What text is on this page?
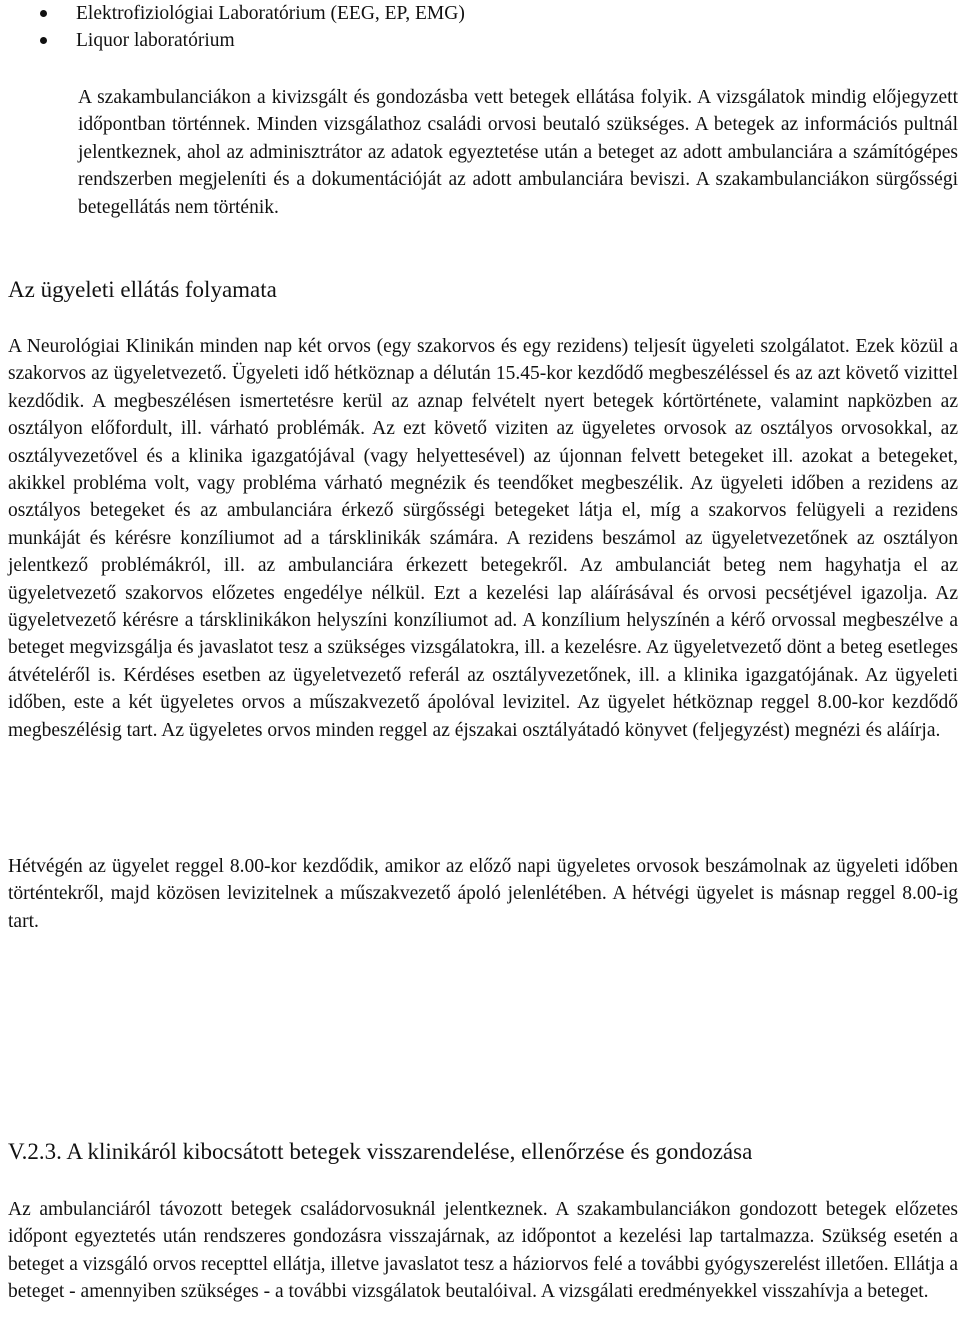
Elektrofiziológiai Laboratórium (EEG, EP, EMG)
Liquor laboratórium

A szakambulanciákon a kivizsgált és gondozásba vett betegek ellátása folyik. A vizsgálatok mindig előjegyzett időpontban történnek. Minden vizsgálathoz családi orvosi beutaló szükséges. A betegek az információs pultnál jelentkeznek, ahol az adminisztrátor az adatok egyeztetése után a beteget az adott ambulanciára a számítógépes rendszerben megjeleníti és a dokumentációját az adott ambulanciára beviszi. A szakambulanciákon sürgősségi betegellátás nem történik.

Az ügyeleti ellátás folyamata

A Neurológiai Klinikán minden nap két orvos (egy szakorvos és egy rezidens) teljesít ügyeleti szolgálatot. Ezek közül a szakorvos az ügyeletvezető. Ügyeleti idő hétköznap a délután 15.45-kor kezdődő megbeszéléssel és az azt követő vizittel kezdődik. A megbeszélésen ismertetésre kerül az aznap felvételt nyert betegek kórtörténete, valamint napközben az osztályon előfordult, ill. várható problémák. Az ezt követő viziten az ügyeletes orvosok az osztályos orvosokkal, az osztályvezetővel és a klinika igazgatójával (vagy helyettesével) az újonnan felvett betegeket ill. azokat a betegeket, akikkel probléma volt, vagy probléma várható megnézik és teendőket megbeszélik. Az ügyeleti időben a rezidens az osztályos betegeket és az ambulanciára érkező sürgősségi betegeket látja el, míg a szakorvos felügyeli a rezidens munkáját és kérésre konzíliumot ad a társklinikák számára. A rezidens beszámol az ügyeletvezetőnek az osztályon jelentkező problémákról, ill. az ambulanciára érkezett betegekről. Az ambulanciát beteg nem hagyhatja el az ügyeletvezető szakorvos előzetes engedélye nélkül. Ezt a kezelési lap aláírásával és orvosi pecsétjével igazolja. Az ügyeletvezető kérésre a társklinikákon helyszíni konzíliumot ad. A konzílium helyszínén a kérő orvossal megbeszélve a beteget megvizsgálja és javaslatot tesz a szükséges vizsgálatokra, ill. a kezelésre. Az ügyeletvezető dönt a beteg esetleges átvételéről is. Kérdéses esetben az ügyeletvezető referál az osztályvezetőnek, ill. a klinika igazgatójának. Az ügyeleti időben, este a két ügyeletes orvos a műszakvezető ápolóval levizitel. Az ügyelet hétköznap reggel 8.00-kor kezdődő megbeszélésig tart. Az ügyeletes orvos minden reggel az éjszakai osztályátadó könyvet (feljegyzést) megnézi és aláírja.

Hétvégén az ügyelet reggel 8.00-kor kezdődik, amikor az előző napi ügyeletes orvosok beszámolnak az ügyeleti időben történtekről, majd közösen levizitelnek a műszakvezető ápoló jelenlétében. A hétvégi ügyelet is másnap reggel 8.00-ig tart.

V.2.3. A klinikáról kibocsátott betegek visszarendelése, ellenőrzése és gondozása

Az ambulanciáról távozott betegek családorvosuknál jelentkeznek. A szakambulanciákon gondozott betegek előzetes időpont egyeztetés után rendszeres gondozásra visszajárnak, az időpontot a kezelési lap tartalmazza. Szükség esetén a beteget a vizsgáló orvos recepttel ellátja, illetve javaslatot tesz a háziorvos felé a további gyógyszerelést illetően. Ellátja a beteget - amennyiben szükséges - a további vizsgálatok beutalóival. A vizsgálati eredményekkel visszahívja a beteget.
